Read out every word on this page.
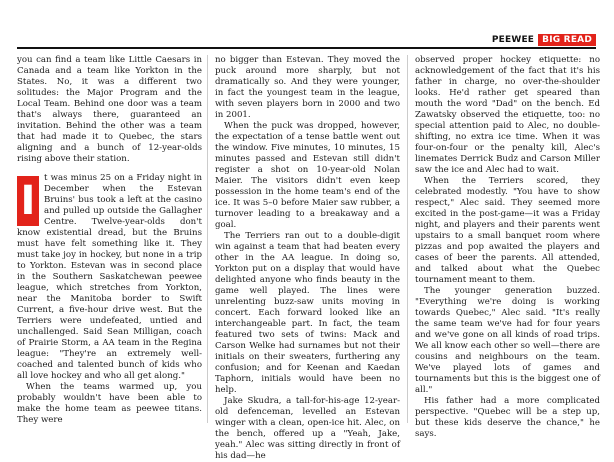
PEEWEE BIG READ

you can find a team like Little Caesars in Canada and a team like Yorkton in the States. No, it was a different two solitudes: the Major Program and the Local Team. Behind one door was a team that's always there, guaranteed an invitation. Behind the other was a team that had made it to Quebec, the stars aligning and a bunch of 12-year-olds rising above their station.

I t was minus 25 on a Friday night in December when the Estevan Bruins' bus took a left at the casino and pulled up outside the Gallagher Centre. Twelve-year-olds don't know existential dread, but the Bruins must have felt something like it. They must take joy in hockey, but none in a trip to Yorkton. Estevan was in second place in the Southern Saskatchewan peewee league, which stretches from Yorkton, near the Manitoba border to Swift Current, a five-hour drive west. But the Terriers were undefeated, untied and unchallenged. Said Sean Milligan, coach of Prairie Storm, a AA team in the Regina league: "They're an extremely well-coached and talented bunch of kids who all love hockey and who all get along."

When the teams warmed up, you probably wouldn't have been able to make the home team as peewee titans. They were

no bigger than Estevan. They moved the puck around more sharply, but not dramatically so. And they were younger, in fact the youngest team in the league, with seven players born in 2000 and two in 2001.

When the puck was dropped, however, the expectation of a tense battle went out the window. Five minutes, 10 minutes, 15 minutes passed and Estevan still didn't register a shot on 10-year-old Nolan Maier. The visitors didn't even keep possession in the home team's end of the ice. It was 5–0 before Maier saw rubber, a turnover leading to a breakaway and a goal.

The Terriers ran out to a double-digit win against a team that had beaten every other in the AA league. In doing so, Yorkton put on a display that would have delighted anyone who finds beauty in the game well played. The lines were unrelenting buzz-saw units moving in concert. Each forward looked like an interchangeable part. In fact, the team featured two sets of twins: Mack and Carson Welke had surnames but not their initials on their sweaters, furthering any confusion; and for Keenan and Kaedan Taphorn, initials would have been no help.

Jake Skudra, a tall-for-his-age 12-year-old defenceman, levelled an Estevan winger with a clean, open-ice hit. Alec, on the bench, offered up a "Yeah, Jake, yeah." Alec was sitting directly in front of his dad—he

observed proper hockey etiquette: no acknowledgement of the fact that it's his father in charge, no over-the-shoulder looks. He'd rather get speared than mouth the word "Dad" on the bench. Ed Zawatsky observed the etiquette, too: no special attention paid to Alec, no double-shifting, no extra ice time. When it was four-on-four or the penalty kill, Alec's linemates Derrick Budz and Carson Miller saw the ice and Alec had to wait.

When the Terriers scored, they celebrated modestly. "You have to show respect," Alec said. They seemed more excited in the post-game—it was a Friday night, and players and their parents went upstairs to a small banquet room where pizzas and pop awaited the players and cases of beer the parents. All attended, and talked about what the Quebec tournament meant to them.

The younger generation buzzed. "Everything we're doing is working towards Quebec," Alec said. "It's really the same team we've had for four years and we've gone on all kinds of road trips. We all know each other so well—there are cousins and neighbours on the team. We've played lots of games and tournaments but this is the biggest one of all."

His father had a more complicated perspective. "Quebec will be a step up, but these kids deserve the chance," he says.
